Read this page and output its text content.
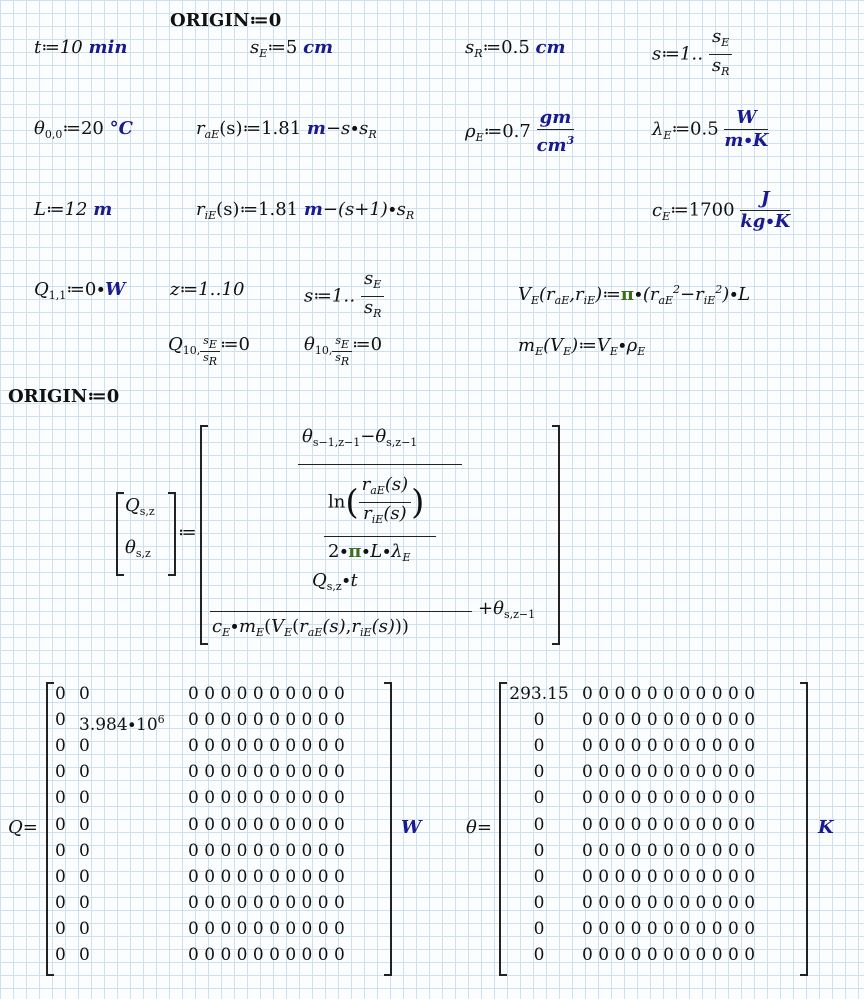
ORIGIN≔0
t≔10 min	$s_E≔5$ cm	$s_R≔0.5$ cm	s≔1‥ $\frac{s_E}{s_R}$
$\theta_{0,0}≔20$ °C	$r_{aE}(s)≔1.81$ $m-s\cdot s_R$	$\rho_E≔0.7 \frac{gm}{cm^3}$	$\lambda_E≔0.5 \frac{W}{m\cdot K}$
L≔12 m	$r_{iE}(s)≔1.81$ $m-(s+1)\cdot s_R$	$c_E≔1700 \frac{J}{kg\cdot K}$
$Q_{1,1}≔0\cdot W$ z≔1‥10	s≔1‥ $\frac{s_E}{s_R}$	$V_E(r_{aE},r_{iE})≔\pi\cdot(r_{aE}^2-r_{iE}^2)\cdot L$
$Q_{10, \frac{s_E}{s_R}}$ ≔0	$\theta_{10, \frac{s_E}{s_R}}$ ≔0	$m_E(V_E)≔V_E\cdot\rho_E$
ORIGIN≔0
$Q_{s,z}$
$\theta_{s,z}$
≔
$\theta_{s-1,z-1}-\theta_{s,z-1}$
$\ln( \frac{r_{aE}(s)}{r_{iE}(s)}$ )
$2\cdot\pi\cdot L\cdot\lambda_E$
$Q_{s,z}\cdot t$
$c_E\cdot m_E(V_E(r_{aE}(s),r_{iE}(s)))$
$+\theta_{s,z-1}$
Q=
0 0	0 0 0 0 0 0 0 0 0 0
0 $3.984\cdot 10^6$ 0 0 0 0 0 0 0 0 0 0
0 0	0 0 0 0 0 0 0 0 0 0
0 0	0 0 0 0 0 0 0 0 0 0
0 0	0 0 0 0 0 0 0 0 0 0
0 0	0 0 0 0 0 0 0 0 0 0
0 0	0 0 0 0 0 0 0 0 0 0
0 0	0 0 0 0 0 0 0 0 0 0
0 0	0 0 0 0 0 0 0 0 0 0
0 0	0 0 0 0 0 0 0 0 0 0
0 0	0 0 0 0 0 0 0 0 0 0
W θ=
293.15 0 0 0 0 0 0 0 0 0 0 0
0	0 0 0 0 0 0 0 0 0 0 0
0	0 0 0 0 0 0 0 0 0 0 0
0	0 0 0 0 0 0 0 0 0 0 0
0	0 0 0 0 0 0 0 0 0 0 0
0	0 0 0 0 0 0 0 0 0 0 0
0	0 0 0 0 0 0 0 0 0 0 0
0	0 0 0 0 0 0 0 0 0 0 0
0	0 0 0 0 0 0 0 0 0 0 0
0	0 0 0 0 0 0 0 0 0 0 0
0	0 0 0 0 0 0 0 0 0 0 0
K
